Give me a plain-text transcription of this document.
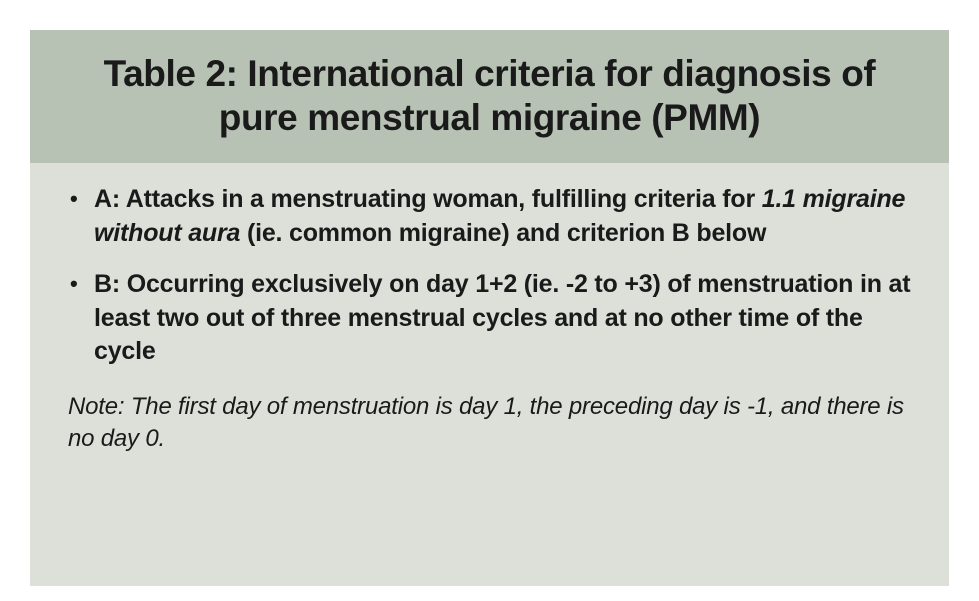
Table 2: International criteria for diagnosis of
pure menstrual migraine (PMM)
• A: Attacks in a menstruating woman, fulfilling criteria for 1.1 migraine without aura (ie. common migraine) and criterion B below
• B: Occurring exclusively on day 1+2 (ie. -2 to +3) of menstruation in at least two out of three menstrual cycles and at no other time of the cycle

Note: The first day of menstruation is day 1, the preceding day is -1, and there is no day 0.
